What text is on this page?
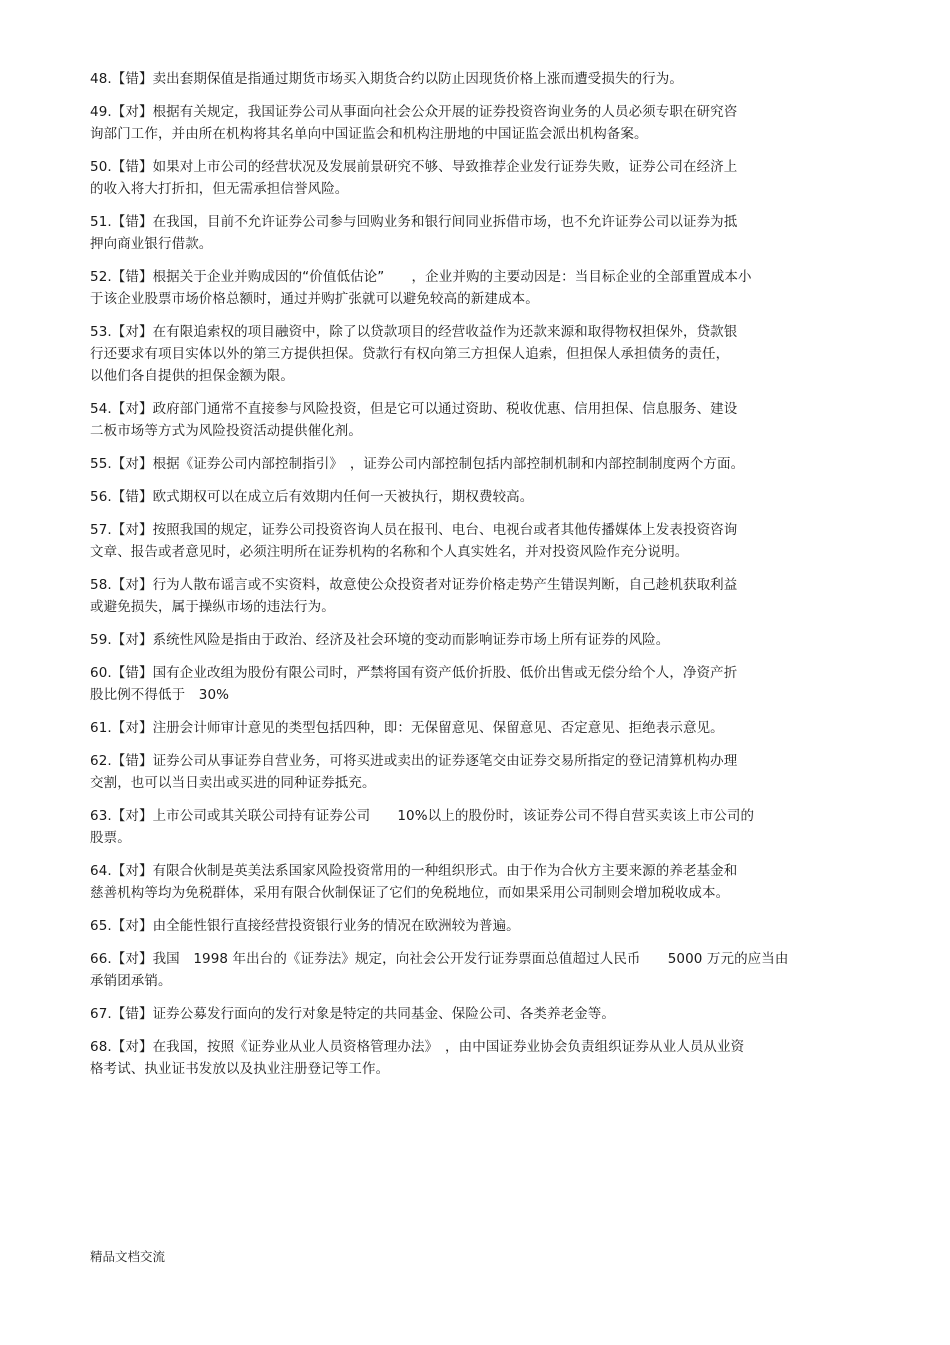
48.【错】卖出套期保值是指通过期货市场买入期货合约以防止因现货价格上涨而遭受损失的行为。
49.【对】根据有关规定，我国证券公司从事面向社会公众开展的证券投资咨询业务的人员必须专职在研究咨
询部门工作，并由所在机构将其名单向中国证监会和机构注册地的中国证监会派出机构备案。
50.【错】如果对上市公司的经营状况及发展前景研究不够、导致推荐企业发行证券失败，证券公司在经济上
的收入将大打折扣，但无需承担信誉风险。
51.【错】在我国，目前不允许证券公司参与回购业务和银行间同业拆借市场，也不允许证券公司以证券为抵
押向商业银行借款。
52.【错】根据关于企业并购成因的“价值低估论”　　，企业并购的主要动因是：当目标企业的全部重置成本小
于该企业股票市场价格总额时，通过并购扩张就可以避免较高的新建成本。
53.【对】在有限追索权的项目融资中，除了以贷款项目的经营收益作为还款来源和取得物权担保外，贷款银
行还要求有项目实体以外的第三方提供担保。贷款行有权向第三方担保人追索，但担保人承担债务的责任，
以他们各自提供的担保金额为限。
54.【对】政府部门通常不直接参与风险投资，但是它可以通过资助、税收优惠、信用担保、信息服务、建设
二板市场等方式为风险投资活动提供催化剂。
55.【对】根据《证券公司内部控制指引》　，证券公司内部控制包括内部控制机制和内部控制制度两个方面。
56.【错】欧式期权可以在成立后有效期内任何一天被执行，期权费较高。
57.【对】按照我国的规定，证券公司投资咨询人员在报刊、电台、电视台或者其他传播媒体上发表投资咨询
文章、报告或者意见时，必须注明所在证券机构的名称和个人真实姓名，并对投资风险作充分说明。
58.【对】行为人散布谣言或不实资料，故意使公众投资者对证券价格走势产生错误判断，自己趁机获取利益
或避免损失，属于操纵市场的违法行为。
59.【对】系统性风险是指由于政治、经济及社会环境的变动而影响证券市场上所有证券的风险。
60.【错】国有企业改组为股份有限公司时，严禁将国有资产低价折股、低价出售或无偿分给个人，净资产折
股比例不得低于　30%
61.【对】注册会计师审计意见的类型包括四种，即：无保留意见、保留意见、否定意见、拒绝表示意见。
62.【错】证券公司从事证券自营业务，可将买进或卖出的证券逐笔交由证券交易所指定的登记清算机构办理
交割，也可以当日卖出或买进的同种证券抵充。
63.【对】上市公司或其关联公司持有证券公司　　10%以上的股份时，该证券公司不得自营买卖该上市公司的
股票。
64.【对】有限合伙制是英美法系国家风险投资常用的一种组织形式。由于作为合伙方主要来源的养老基金和
慈善机构等均为免税群体，采用有限合伙制保证了它们的免税地位，而如果采用公司制则会增加税收成本。
65.【对】由全能性银行直接经营投资银行业务的情况在欧洲较为普遍。
66.【对】我国　1998 年出台的《证券法》规定，向社会公开发行证券票面总值超过人民币　　5000 万元的应当由
承销团承销。
67.【错】证券公募发行面向的发行对象是特定的共同基金、保险公司、各类养老金等。
68.【对】在我国，按照《证券业从业人员资格管理办法》　，由中国证券业协会负责组织证券从业人员从业资
格考试、执业证书发放以及执业注册登记等工作。
精品文档交流
